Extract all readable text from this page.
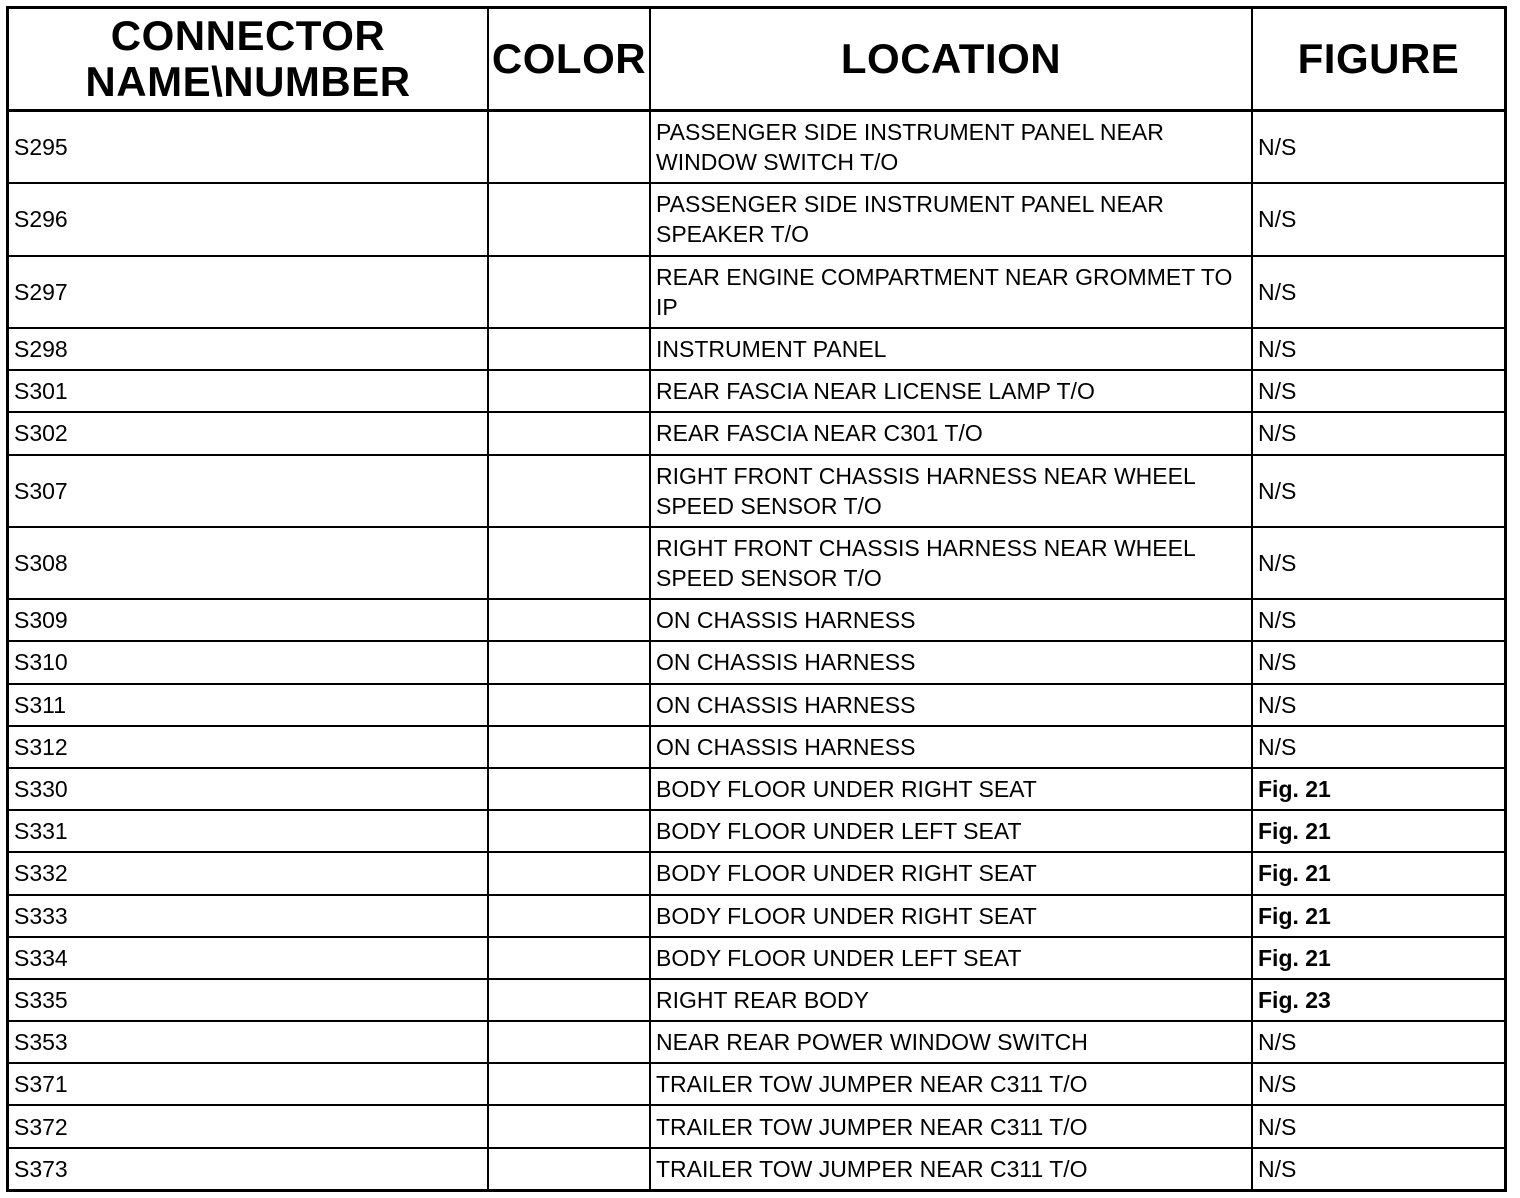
CONNECTOR
NAME\NUMBER	COLOR	LOCATION	FIGURE
S295		PASSENGER SIDE INSTRUMENT PANEL NEAR WINDOW SWITCH T/O	N/S
S296		PASSENGER SIDE INSTRUMENT PANEL NEAR SPEAKER T/O	N/S
S297		REAR ENGINE COMPARTMENT NEAR GROMMET TO IP	N/S
S298		INSTRUMENT PANEL	N/S
S301		REAR FASCIA NEAR LICENSE LAMP T/O	N/S
S302		REAR FASCIA NEAR C301 T/O	N/S
S307		RIGHT FRONT CHASSIS HARNESS NEAR WHEEL SPEED SENSOR T/O	N/S
S308		RIGHT FRONT CHASSIS HARNESS NEAR WHEEL SPEED SENSOR T/O	N/S
S309		ON CHASSIS HARNESS	N/S
S310		ON CHASSIS HARNESS	N/S
S311		ON CHASSIS HARNESS	N/S
S312		ON CHASSIS HARNESS	N/S
S330		BODY FLOOR UNDER RIGHT SEAT	Fig. 21
S331		BODY FLOOR UNDER LEFT SEAT	Fig. 21
S332		BODY FLOOR UNDER RIGHT SEAT	Fig. 21
S333		BODY FLOOR UNDER RIGHT SEAT	Fig. 21
S334		BODY FLOOR UNDER LEFT SEAT	Fig. 21
S335		RIGHT REAR BODY	Fig. 23
S353		NEAR REAR POWER WINDOW SWITCH	N/S
S371		TRAILER TOW JUMPER NEAR C311 T/O	N/S
S372		TRAILER TOW JUMPER NEAR C311 T/O	N/S
S373		TRAILER TOW JUMPER NEAR C311 T/O	N/S
